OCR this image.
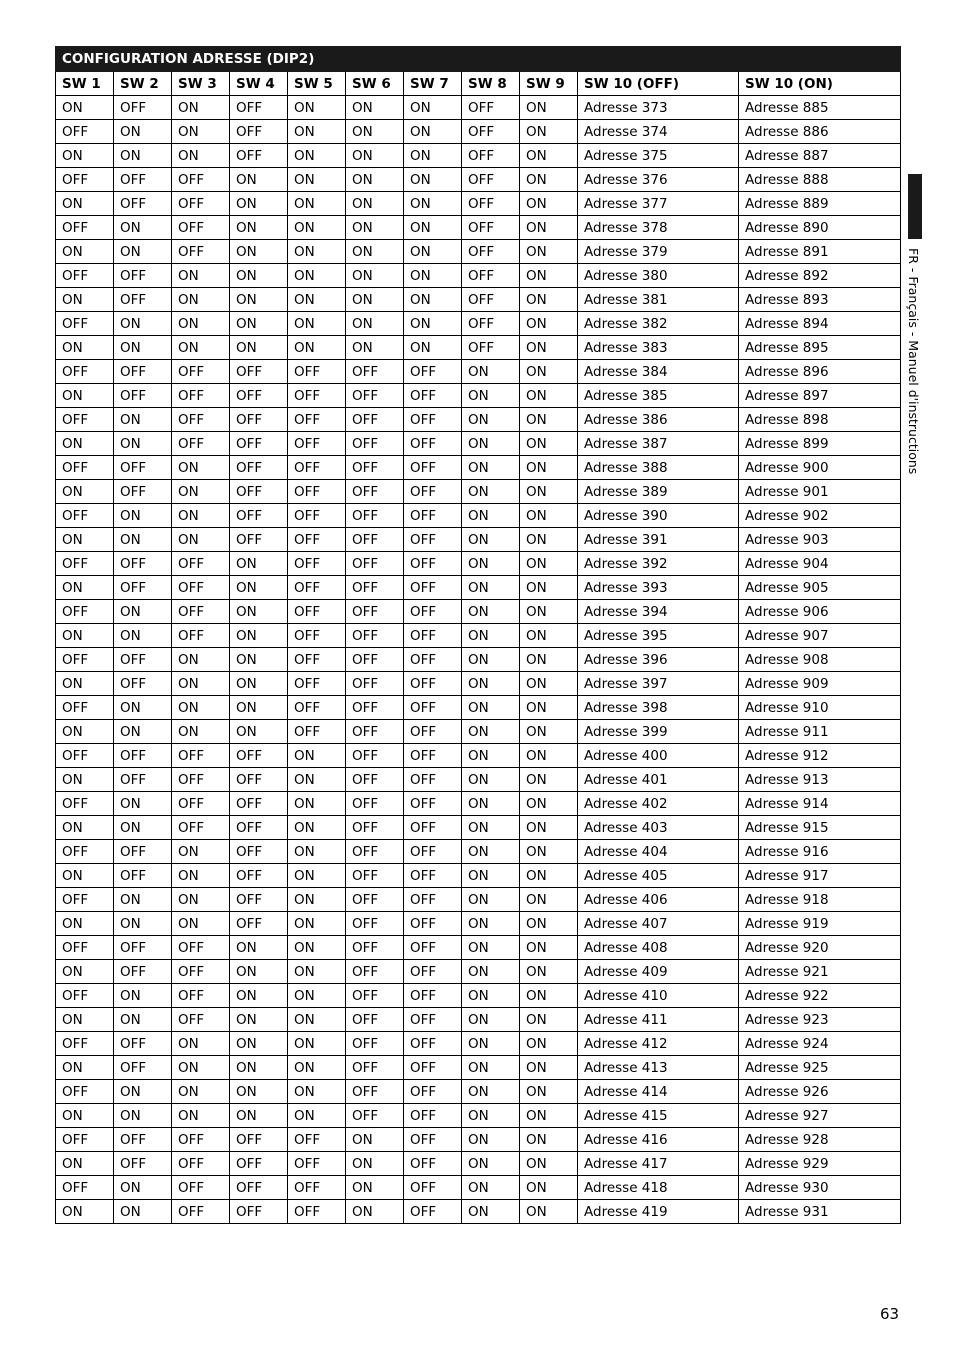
CONFIGURATION ADRESSE (DIP2)										
SW 1	SW 2	SW 3	SW 4	SW 5	SW 6	SW 7	SW 8	SW 9	SW 10 (OFF)	SW 10 (ON)
ON	OFF	ON	OFF	ON	ON	ON	OFF	ON	Adresse 373	Adresse 885
OFF	ON	ON	OFF	ON	ON	ON	OFF	ON	Adresse 374	Adresse 886
ON	ON	ON	OFF	ON	ON	ON	OFF	ON	Adresse 375	Adresse 887
OFF	OFF	OFF	ON	ON	ON	ON	OFF	ON	Adresse 376	Adresse 888
ON	OFF	OFF	ON	ON	ON	ON	OFF	ON	Adresse 377	Adresse 889
OFF	ON	OFF	ON	ON	ON	ON	OFF	ON	Adresse 378	Adresse 890
ON	ON	OFF	ON	ON	ON	ON	OFF	ON	Adresse 379	Adresse 891
OFF	OFF	ON	ON	ON	ON	ON	OFF	ON	Adresse 380	Adresse 892
ON	OFF	ON	ON	ON	ON	ON	OFF	ON	Adresse 381	Adresse 893
OFF	ON	ON	ON	ON	ON	ON	OFF	ON	Adresse 382	Adresse 894
ON	ON	ON	ON	ON	ON	ON	OFF	ON	Adresse 383	Adresse 895
OFF	OFF	OFF	OFF	OFF	OFF	OFF	ON	ON	Adresse 384	Adresse 896
ON	OFF	OFF	OFF	OFF	OFF	OFF	ON	ON	Adresse 385	Adresse 897
OFF	ON	OFF	OFF	OFF	OFF	OFF	ON	ON	Adresse 386	Adresse 898
ON	ON	OFF	OFF	OFF	OFF	OFF	ON	ON	Adresse 387	Adresse 899
OFF	OFF	ON	OFF	OFF	OFF	OFF	ON	ON	Adresse 388	Adresse 900
ON	OFF	ON	OFF	OFF	OFF	OFF	ON	ON	Adresse 389	Adresse 901
OFF	ON	ON	OFF	OFF	OFF	OFF	ON	ON	Adresse 390	Adresse 902
ON	ON	ON	OFF	OFF	OFF	OFF	ON	ON	Adresse 391	Adresse 903
OFF	OFF	OFF	ON	OFF	OFF	OFF	ON	ON	Adresse 392	Adresse 904
ON	OFF	OFF	ON	OFF	OFF	OFF	ON	ON	Adresse 393	Adresse 905
OFF	ON	OFF	ON	OFF	OFF	OFF	ON	ON	Adresse 394	Adresse 906
ON	ON	OFF	ON	OFF	OFF	OFF	ON	ON	Adresse 395	Adresse 907
OFF	OFF	ON	ON	OFF	OFF	OFF	ON	ON	Adresse 396	Adresse 908
ON	OFF	ON	ON	OFF	OFF	OFF	ON	ON	Adresse 397	Adresse 909
OFF	ON	ON	ON	OFF	OFF	OFF	ON	ON	Adresse 398	Adresse 910
ON	ON	ON	ON	OFF	OFF	OFF	ON	ON	Adresse 399	Adresse 911
OFF	OFF	OFF	OFF	ON	OFF	OFF	ON	ON	Adresse 400	Adresse 912
ON	OFF	OFF	OFF	ON	OFF	OFF	ON	ON	Adresse 401	Adresse 913
OFF	ON	OFF	OFF	ON	OFF	OFF	ON	ON	Adresse 402	Adresse 914
ON	ON	OFF	OFF	ON	OFF	OFF	ON	ON	Adresse 403	Adresse 915
OFF	OFF	ON	OFF	ON	OFF	OFF	ON	ON	Adresse 404	Adresse 916
ON	OFF	ON	OFF	ON	OFF	OFF	ON	ON	Adresse 405	Adresse 917
OFF	ON	ON	OFF	ON	OFF	OFF	ON	ON	Adresse 406	Adresse 918
ON	ON	ON	OFF	ON	OFF	OFF	ON	ON	Adresse 407	Adresse 919
OFF	OFF	OFF	ON	ON	OFF	OFF	ON	ON	Adresse 408	Adresse 920
ON	OFF	OFF	ON	ON	OFF	OFF	ON	ON	Adresse 409	Adresse 921
OFF	ON	OFF	ON	ON	OFF	OFF	ON	ON	Adresse 410	Adresse 922
ON	ON	OFF	ON	ON	OFF	OFF	ON	ON	Adresse 411	Adresse 923
OFF	OFF	ON	ON	ON	OFF	OFF	ON	ON	Adresse 412	Adresse 924
ON	OFF	ON	ON	ON	OFF	OFF	ON	ON	Adresse 413	Adresse 925
OFF	ON	ON	ON	ON	OFF	OFF	ON	ON	Adresse 414	Adresse 926
ON	ON	ON	ON	ON	OFF	OFF	ON	ON	Adresse 415	Adresse 927
OFF	OFF	OFF	OFF	OFF	ON	OFF	ON	ON	Adresse 416	Adresse 928
ON	OFF	OFF	OFF	OFF	ON	OFF	ON	ON	Adresse 417	Adresse 929
OFF	ON	OFF	OFF	OFF	ON	OFF	ON	ON	Adresse 418	Adresse 930
ON	ON	OFF	OFF	OFF	ON	OFF	ON	ON	Adresse 419	Adresse 931
FR - Français - Manuel d'instructions
63
